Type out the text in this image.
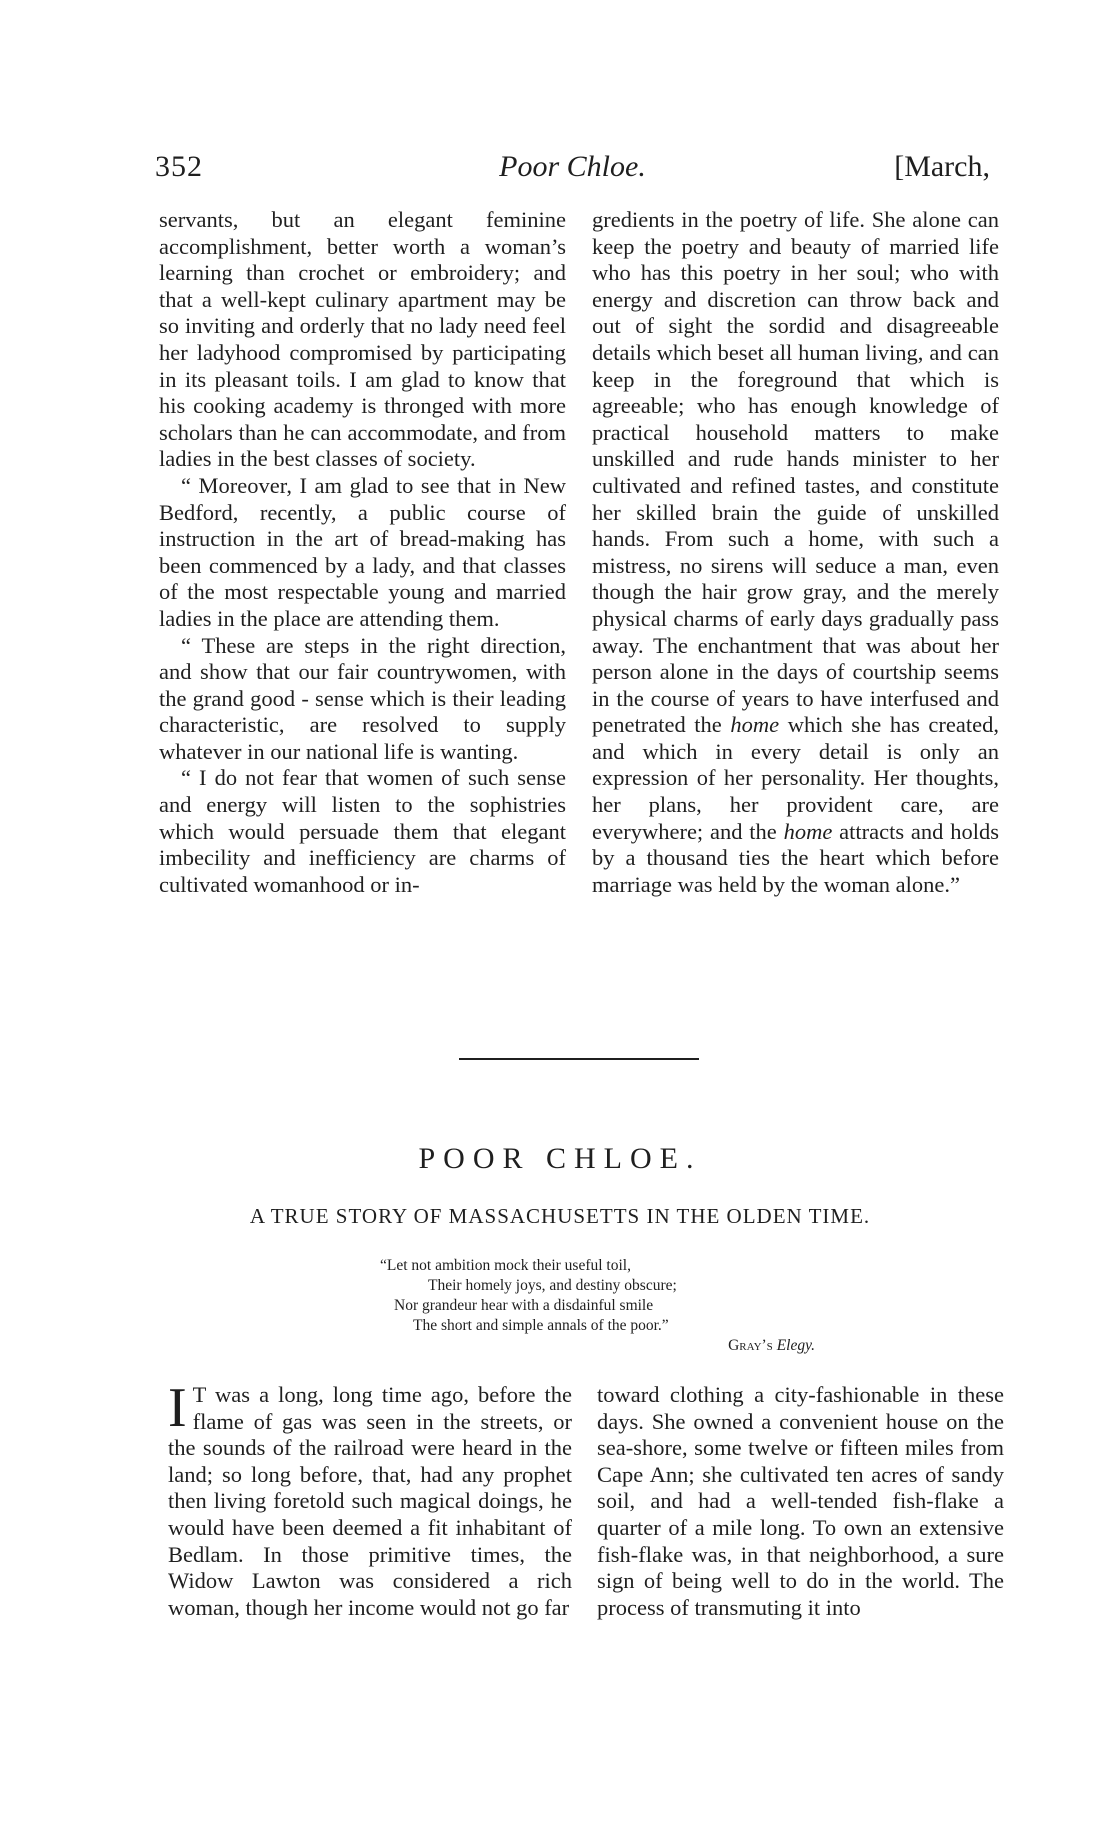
352	Poor Chloe.	[March,

servants, but an elegant feminine accomplishment, better worth a woman’s learning than crochet or embroidery; and that a well-kept culinary apartment may be so inviting and orderly that no lady need feel her ladyhood compromised by participating in its pleasant toils. I am glad to know that his cooking academy is thronged with more scholars than he can accommodate, and from ladies in the best classes of society.

“ Moreover, I am glad to see that in New Bedford, recently, a public course of instruction in the art of bread-making has been commenced by a lady, and that classes of the most respectable young and married ladies in the place are attending them.

“ These are steps in the right direction, and show that our fair countrywomen, with the grand good - sense which is their leading characteristic, are resolved to supply whatever in our national life is wanting.

“ I do not fear that women of such sense and energy will listen to the sophistries which would persuade them that elegant imbecility and inefficiency are charms of cultivated womanhood or in-

gredients in the poetry of life. She alone can keep the poetry and beauty of married life who has this poetry in her soul; who with energy and discretion can throw back and out of sight the sordid and disagreeable details which beset all human living, and can keep in the foreground that which is agreeable; who has enough knowledge of practical household matters to make unskilled and rude hands minister to her cultivated and refined tastes, and constitute her skilled brain the guide of unskilled hands. From such a home, with such a mistress, no sirens will seduce a man, even though the hair grow gray, and the merely physical charms of early days gradually pass away. The enchantment that was about her person alone in the days of courtship seems in the course of years to have interfused and penetrated the home which she has created, and which in every detail is only an expression of her personality. Her thoughts, her plans, her provident care, are everywhere; and the home attracts and holds by a thousand ties the heart which before marriage was held by the woman alone.”

POOR CHLOE.
A TRUE STORY OF MASSACHUSETTS IN THE OLDEN TIME.
“Let not ambition mock their useful toil,
Their homely joys, and destiny obscure;
Nor grandeur hear with a disdainful smile
The short and simple annals of the poor.”
Gray’s Elegy.

I T was a long, long time ago, before the flame of gas was seen in the streets, or the sounds of the railroad were heard in the land; so long before, that, had any prophet then living foretold such magical doings, he would have been deemed a fit inhabitant of Bedlam. In those primitive times, the Widow Lawton was considered a rich woman, though her income would not go far

toward clothing a city-fashionable in these days. She owned a convenient house on the sea-shore, some twelve or fifteen miles from Cape Ann; she cultivated ten acres of sandy soil, and had a well-tended fish-flake a quarter of a mile long. To own an extensive fish-flake was, in that neighborhood, a sure sign of being well to do in the world. The process of transmuting it into
